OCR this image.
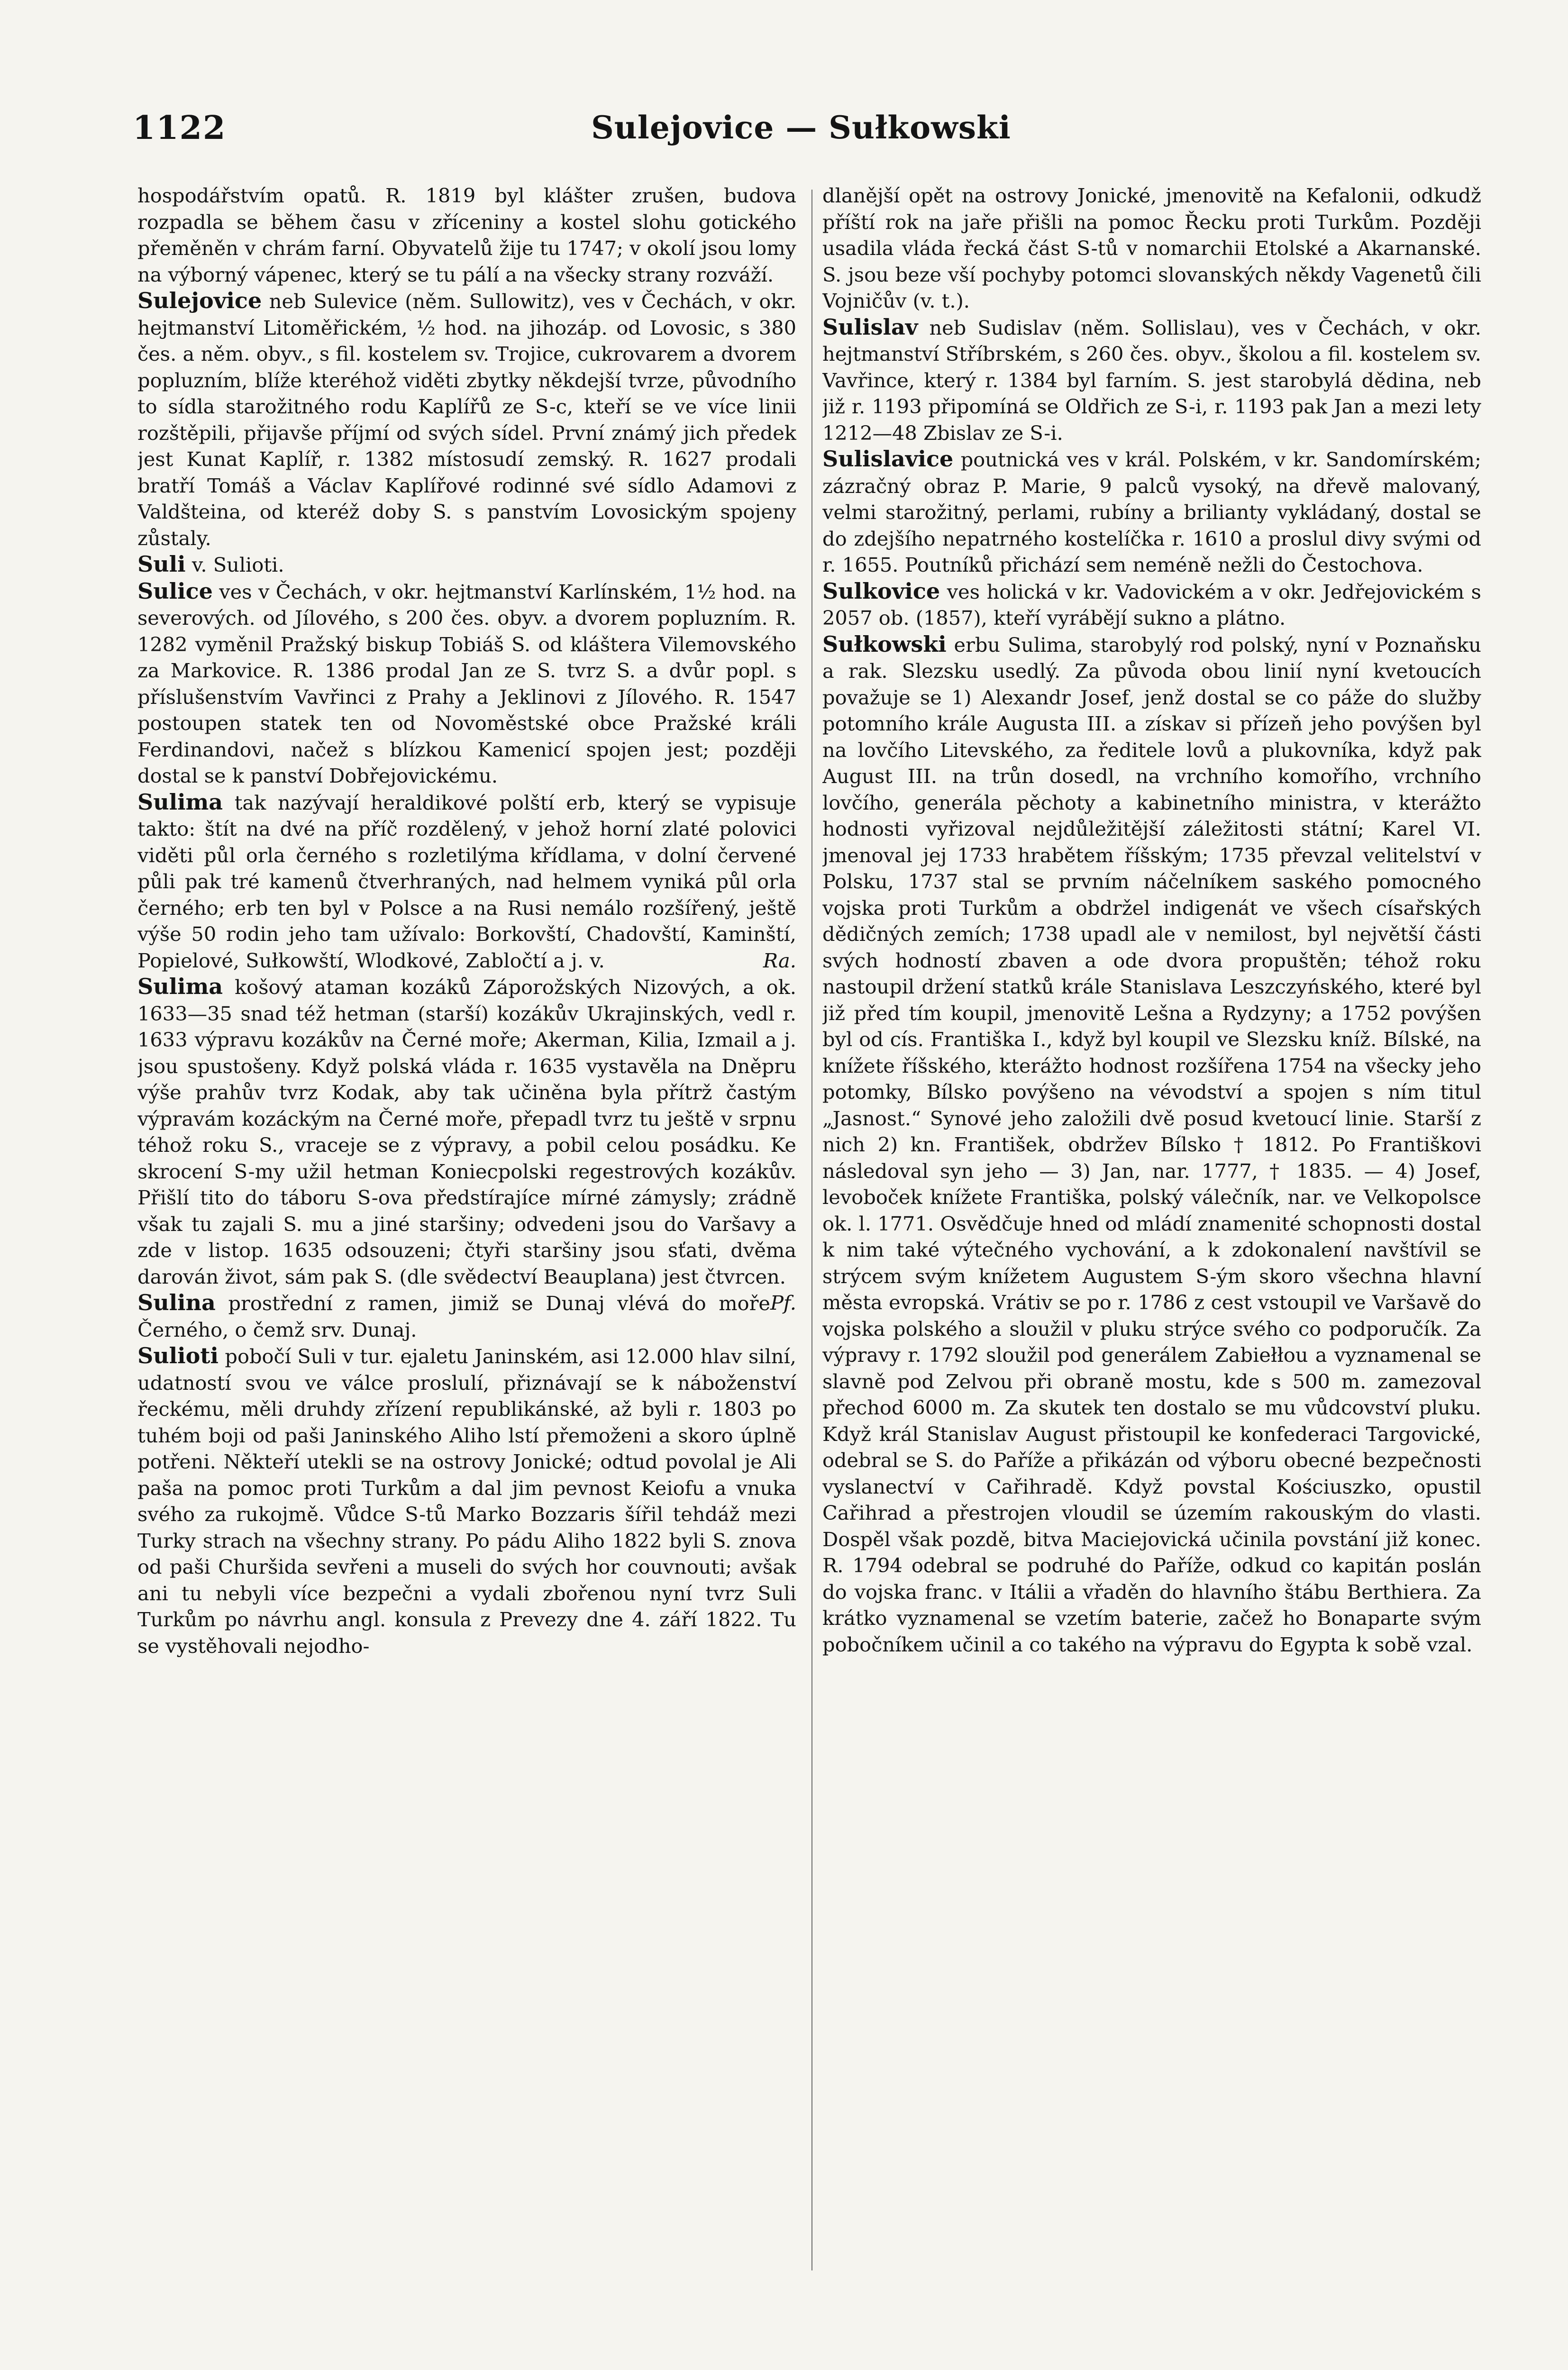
1122	Sulejovice — Sułkowski

hospodářstvím opatů. R. 1819 byl klášter zrušen, budova rozpadla se během času v zříceniny a kostel slohu gotického přeměněn v chrám farní. Obyvatelů žije tu 1747; v okolí jsou lomy na výborný vápenec, který se tu pálí a na všecky strany rozváží.

Sulejovice neb Sulevice (něm. Sullowitz), ves v Čechách, v okr. hejtmanství Litoměřickém, ½ hod. na jihozáp. od Lovosic, s 380 čes. a něm. obyv., s fil. kostelem sv. Trojice, cukrovarem a dvorem popluzním, blíže kteréhož viděti zbytky někdejší tvrze, původního to sídla starožitného rodu Kaplířů ze S-c, kteří se ve více linii rozštěpili, přijavše příjmí od svých sídel. První známý jich předek jest Kunat Kaplíř, r. 1382 místosudí zemský. R. 1627 prodali bratří Tomáš a Václav Kaplířové rodinné své sídlo Adamovi z Valdšteina, od kteréž doby S. s panstvím Lovosickým spojeny zůstaly.

Suli v. Sulioti.

Sulice ves v Čechách, v okr. hejtmanství Karlínském, 1½ hod. na severových. od Jílového, s 200 čes. obyv. a dvorem popluzním. R. 1282 vyměnil Pražský biskup Tobiáš S. od kláštera Vilemovského za Markovice. R. 1386 prodal Jan ze S. tvrz S. a dvůr popl. s příslušenstvím Vavřinci z Prahy a Jeklinovi z Jílového. R. 1547 postoupen statek ten od Novoměstské obce Pražské králi Ferdinandovi, načež s blízkou Kamenicí spojen jest; později dostal se k panství Dobřejovickému.

Sulima tak nazývají heraldikové polští erb, který se vypisuje takto: štít na dvé na příč rozdělený, v jehož horní zlaté polovici viděti půl orla černého s rozletilýma křídlama, v dolní červené půli pak tré kamenů čtverhraných, nad helmem vyniká půl orla černého; erb ten byl v Polsce a na Rusi nemálo rozšířený, ještě výše 50 rodin jeho tam užívalo: Borkovští, Chadovští, Kaminští, Popielové, Sułkowští, Wlodkové, Zabločtí a j. v.	Ra.

Sulima košový ataman kozáků Záporožských Nizových, a ok. 1633—35 snad též hetman (starší) kozákův Ukrajinských, vedl r. 1633 výpravu kozákův na Černé moře; Akerman, Kilia, Izmail a j. jsou spustošeny. Když polská vláda r. 1635 vystavěla na Dněpru výše prahův tvrz Kodak, aby tak učiněna byla přítrž častým výpravám kozáckým na Černé moře, přepadl tvrz tu ještě v srpnu téhož roku S., vraceje se z výpravy, a pobil celou posádku. Ke skrocení S-my užil hetman Koniecpolski regestrových kozákův. Přišlí tito do táboru S-ova předstírajíce mírné zámysly; zrádně však tu zajali S. mu a jiné staršiny; odvedeni jsou do Varšavy a zde v listop. 1635 odsouzeni; čtyři staršiny jsou sťati, dvěma darován život, sám pak S. (dle svědectví Beauplana) jest čtvrcen.
Pf.

Sulina prostřední z ramen, jimiž se Dunaj vlévá do moře Černého, o čemž srv. Dunaj.

Sulioti pobočí Suli v tur. ejaletu Janinském, asi 12.000 hlav silní, udatností svou ve válce proslulí, přiznávají se k náboženství řeckému, měli druhdy zřízení republikánské, až byli r. 1803 po tuhém boji od paši Janinského Aliho lstí přemoženi a skoro úplně potřeni. Někteří utekli se na ostrovy Jonické; odtud povolal je Ali paša na pomoc proti Turkům a dal jim pevnost Keiofu a vnuka svého za rukojmě. Vůdce S-tů Marko Bozzaris šířil tehdáž mezi Turky strach na všechny strany. Po pádu Aliho 1822 byli S. znova od paši Churšida sevřeni a museli do svých hor couvnouti; avšak ani tu nebyli více bezpečni a vydali zbořenou nyní tvrz Suli Turkům po návrhu angl. konsula z Prevezy dne 4. září 1822. Tu se vystěhovali nejodho-

dlanější opět na ostrovy Jonické, jmenovitě na Kefalonii, odkudž příští rok na jaře přišli na pomoc Řecku proti Turkům. Později usadila vláda řecká část S-tů v nomarchii Etolské a Akarnanské. S. jsou beze vší pochyby potomci slovanských někdy Vagenetů čili Vojničův (v. t.).

Sulislav neb Sudislav (něm. Sollislau), ves v Čechách, v okr. hejtmanství Stříbrském, s 260 čes. obyv., školou a fil. kostelem sv. Vavřince, který r. 1384 byl farním. S. jest starobylá dědina, neb již r. 1193 připomíná se Oldřich ze S-i, r. 1193 pak Jan a mezi lety 1212—48 Zbislav ze S-i.

Sulislavice poutnická ves v král. Polském, v kr. Sandomírském; zázračný obraz P. Marie, 9 palců vysoký, na dřevě malovaný, velmi starožitný, perlami, rubíny a brilianty vykládaný, dostal se do zdejšího nepatrného kostelíčka r. 1610 a proslul divy svými od r. 1655. Poutníků přichází sem neméně nežli do Čestochova.

Sulkovice ves holická v kr. Vadovickém a v okr. Jedřejovickém s 2057 ob. (1857), kteří vyrábějí sukno a plátno.

Sułkowski erbu Sulima, starobylý rod polský, nyní v Poznaňsku a rak. Slezsku usedlý. Za původa obou linií nyní kvetoucích považuje se 1) Alexandr Josef, jenž dostal se co páže do služby potomního krále Augusta III. a získav si přízeň jeho povýšen byl na lovčího Litevského, za ředitele lovů a plukovníka, když pak August III. na trůn dosedl, na vrchního komořího, vrchního lovčího, generála pěchoty a kabinetního ministra, v kterážto hodnosti vyřizoval nejdůležitější záležitosti státní; Karel VI. jmenoval jej 1733 hrabětem říšským; 1735 převzal velitelství v Polsku, 1737 stal se prvním náčelníkem saského pomocného vojska proti Turkům a obdržel indigenát ve všech císařských dědičných zemích; 1738 upadl ale v nemilost, byl největší části svých hodností zbaven a ode dvora propuštěn; téhož roku nastoupil držení statků krále Stanislava Leszczyńského, které byl již před tím koupil, jmenovitě Lešna a Rydzyny; a 1752 povýšen byl od cís. Františka I., když byl koupil ve Slezsku kníž. Bílské, na knížete říšského, kterážto hodnost rozšířena 1754 na všecky jeho potomky, Bílsko povýšeno na vévodství a spojen s ním titul „Jasnost.“ Synové jeho založili dvě posud kvetoucí linie. Starší z nich 2) kn. František, obdržev Bílsko † 1812. Po Františkovi následoval syn jeho — 3) Jan, nar. 1777, † 1835. — 4) Josef, levoboček knížete Františka, polský válečník, nar. ve Velkopolsce ok. l. 1771. Osvědčuje hned od mládí znamenité schopnosti dostal k nim také výtečného vychování, a k zdokonalení navštívil se strýcem svým knížetem Augustem S-ým skoro všechna hlavní města evropská. Vrátiv se po r. 1786 z cest vstoupil ve Varšavě do vojska polského a sloužil v pluku strýce svého co podporučík. Za výpravy r. 1792 sloužil pod generálem Zabiełłou a vyznamenal se slavně pod Zelvou při obraně mostu, kde s 500 m. zamezoval přechod 6000 m. Za skutek ten dostalo se mu vůdcovství pluku. Když král Stanislav August přistoupil ke konfederaci Targovické, odebral se S. do Paříže a přikázán od výboru obecné bezpečnosti vyslanectví v Cařihradě. Když povstal Kościuszko, opustil Cařihrad a přestrojen vloudil se územím rakouským do vlasti. Dospěl však pozdě, bitva Maciejovická učinila povstání již konec. R. 1794 odebral se podruhé do Paříže, odkud co kapitán poslán do vojska franc. v Itálii a vřaděn do hlavního štábu Berthiera. Za krátko vyznamenal se vzetím baterie, začež ho Bonaparte svým pobočníkem učinil a co takého na výpravu do Egypta k sobě vzal.
